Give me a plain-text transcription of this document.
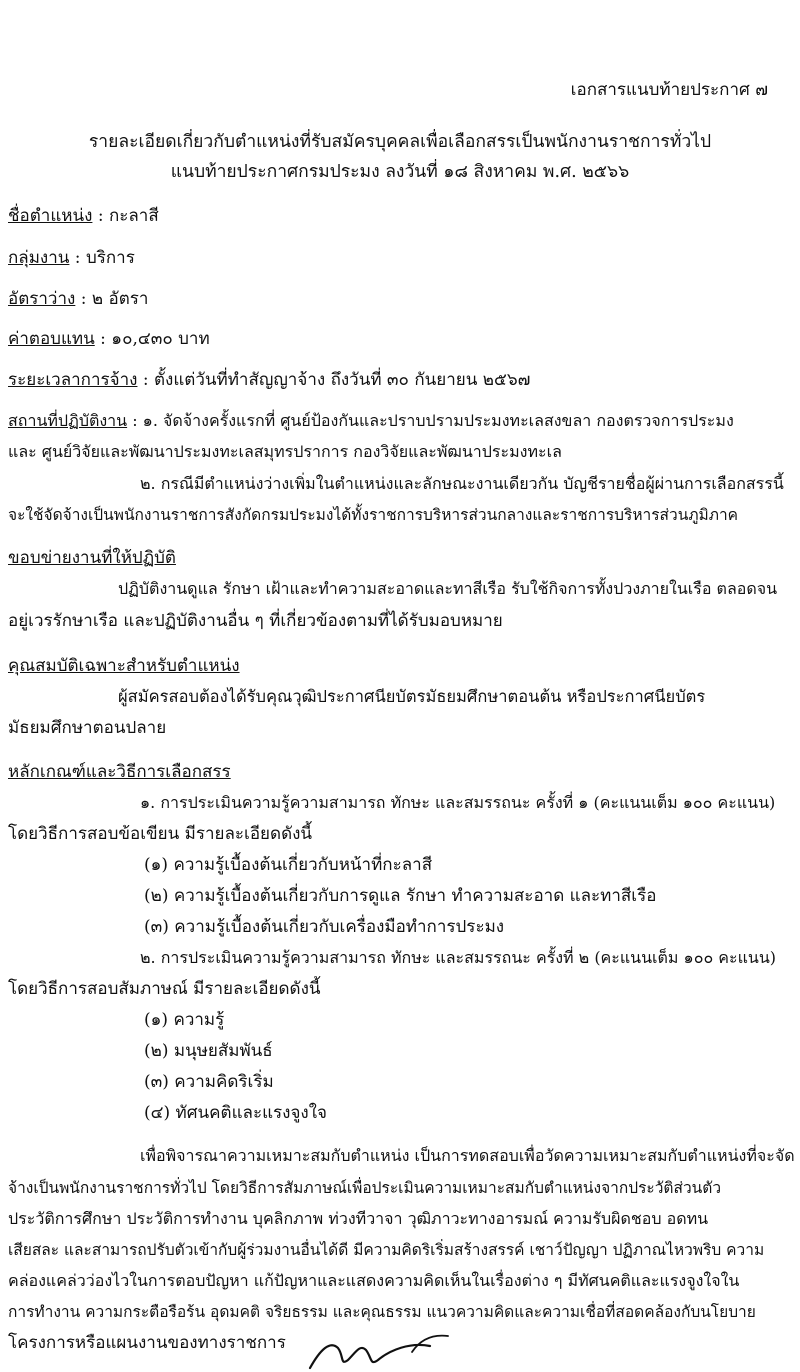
เอกสารแนบท้ายประกาศ ๗
รายละเอียดเกี่ยวกับตำแหน่งที่รับสมัครบุคคลเพื่อเลือกสรรเป็นพนักงานราชการทั่วไป
แนบท้ายประกาศกรมประมง ลงวันที่ ๑๘ สิงหาคม พ.ศ. ๒๕๖๖
ชื่อตำแหน่ง : กะลาสี
กลุ่มงาน : บริการ
อัตราว่าง : ๒ อัตรา
ค่าตอบแทน : ๑๐,๔๓๐ บาท
ระยะเวลาการจ้าง : ตั้งแต่วันที่ทำสัญญาจ้าง ถึงวันที่ ๓๐ กันยายน ๒๕๖๗
สถานที่ปฏิบัติงาน : ๑. จัดจ้างครั้งแรกที่ ศูนย์ป้องกันและปราบปรามประมงทะเลสงขลา กองตรวจการประมง
และ ศูนย์วิจัยและพัฒนาประมงทะเลสมุทรปราการ กองวิจัยและพัฒนาประมงทะเล
๒. กรณีมีตำแหน่งว่างเพิ่มในตำแหน่งและลักษณะงานเดียวกัน บัญชีรายชื่อผู้ผ่านการเลือกสรรนี้
จะใช้จัดจ้างเป็นพนักงานราชการสังกัดกรมประมงได้ทั้งราชการบริหารส่วนกลางและราชการบริหารส่วนภูมิภาค
ขอบข่ายงานที่ให้ปฏิบัติ
ปฏิบัติงานดูแล รักษา เฝ้าและทำความสะอาดและทาสีเรือ รับใช้กิจการทั้งปวงภายในเรือ ตลอดจน
อยู่เวรรักษาเรือ และปฏิบัติงานอื่น ๆ ที่เกี่ยวข้องตามที่ได้รับมอบหมาย
คุณสมบัติเฉพาะสำหรับตำแหน่ง
ผู้สมัครสอบต้องได้รับคุณวุฒิประกาศนียบัตรมัธยมศึกษาตอนต้น หรือประกาศนียบัตร
มัธยมศึกษาตอนปลาย
หลักเกณฑ์และวิธีการเลือกสรร
๑. การประเมินความรู้ความสามารถ ทักษะ และสมรรถนะ ครั้งที่ ๑ (คะแนนเต็ม ๑๐๐ คะแนน)
โดยวิธีการสอบข้อเขียน มีรายละเอียดดังนี้
(๑) ความรู้เบื้องต้นเกี่ยวกับหน้าที่กะลาสี
(๒) ความรู้เบื้องต้นเกี่ยวกับการดูแล รักษา ทำความสะอาด และทาสีเรือ
(๓) ความรู้เบื้องต้นเกี่ยวกับเครื่องมือทำการประมง
๒. การประเมินความรู้ความสามารถ ทักษะ และสมรรถนะ ครั้งที่ ๒ (คะแนนเต็ม ๑๐๐ คะแนน)
โดยวิธีการสอบสัมภาษณ์ มีรายละเอียดดังนี้
(๑) ความรู้
(๒) มนุษยสัมพันธ์
(๓) ความคิดริเริ่ม
(๔) ทัศนคติและแรงจูงใจ
เพื่อพิจารณาความเหมาะสมกับตำแหน่ง เป็นการทดสอบเพื่อวัดความเหมาะสมกับตำแหน่งที่จะจัด
จ้างเป็นพนักงานราชการทั่วไป โดยวิธีการสัมภาษณ์เพื่อประเมินความเหมาะสมกับตำแหน่งจากประวัติส่วนตัว
ประวัติการศึกษา ประวัติการทำงาน บุคลิกภาพ ท่วงทีวาจา วุฒิภาวะทางอารมณ์ ความรับผิดชอบ อดทน
เสียสละ และสามารถปรับตัวเข้ากับผู้ร่วมงานอื่นได้ดี มีความคิดริเริ่มสร้างสรรค์ เชาว์ปัญญา ปฏิภาณไหวพริบ ความ
คล่องแคล่วว่องไวในการตอบปัญหา แก้ปัญหาและแสดงความคิดเห็นในเรื่องต่าง ๆ มีทัศนคติและแรงจูงใจใน
การทำงาน ความกระตือรือร้น อุดมคติ จริยธรรม และคุณธรรม แนวความคิดและความเชื่อที่สอดคล้องกับนโยบาย
โครงการหรือแผนงานของทางราชการ
